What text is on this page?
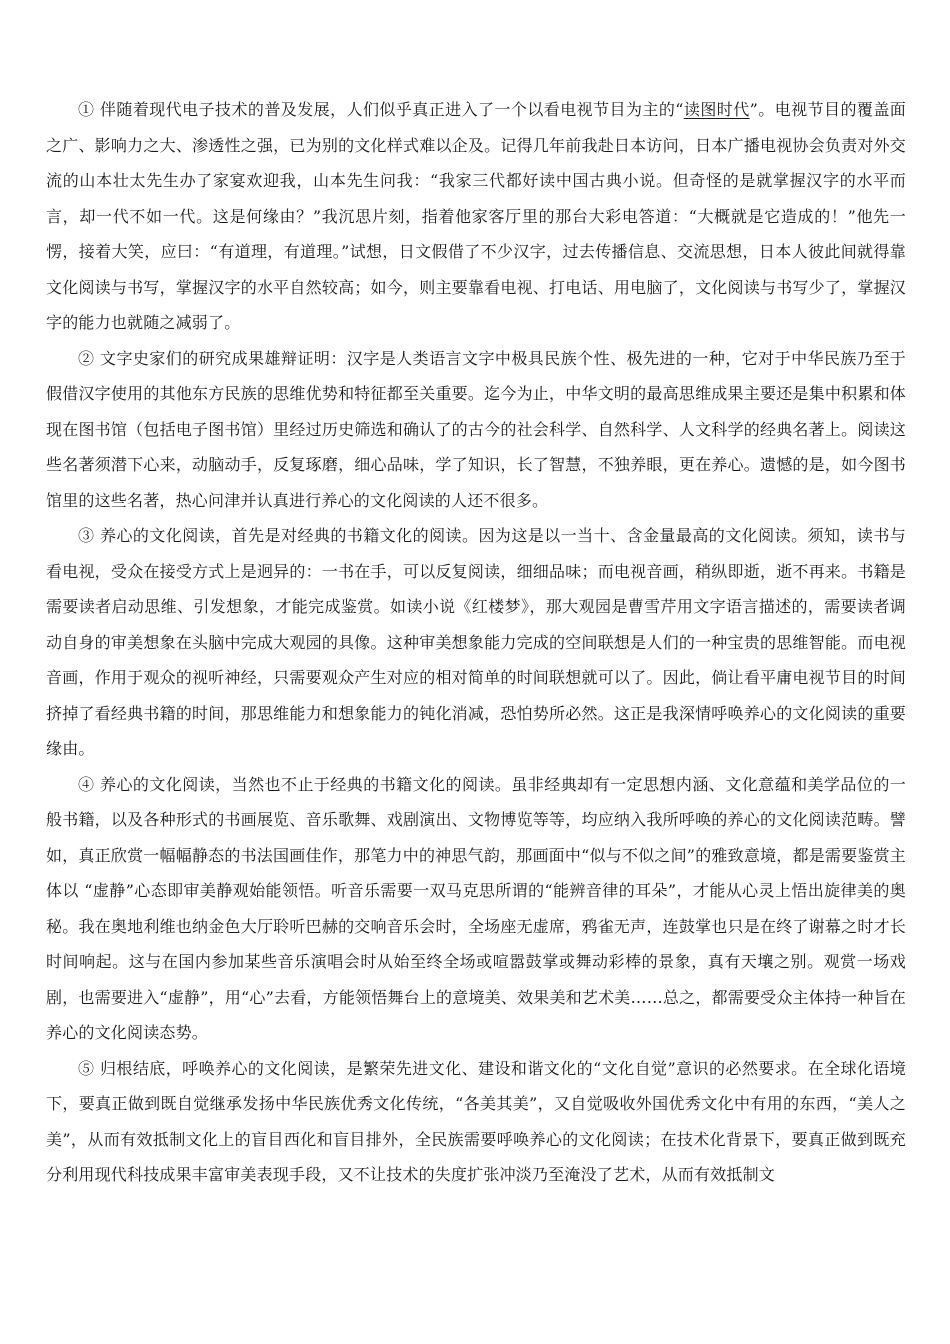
① 伴随着现代电子技术的普及发展，人们似乎真正进入了一个以看电视节目为主的“读图时代”。电视节目的覆盖面之广、影响力之大、渗透性之强，已为别的文化样式难以企及。记得几年前我赴日本访问，日本广播电视协会负责对外交流的山本壮太先生办了家宴欢迎我，山本先生问我：“我家三代都好读中国古典小说。但奇怪的是就掌握汉字的水平而言，却一代不如一代。这是何缘由？”我沉思片刻，指着他家客厅里的那台大彩电答道：“大概就是它造成的！”他先一愣，接着大笑，应曰：“有道理，有道理。”试想，日文假借了不少汉字，过去传播信息、交流思想，日本人彼此间就得靠文化阅读与书写，掌握汉字的水平自然较高；如今，则主要靠看电视、打电话、用电脑了，文化阅读与书写少了，掌握汉字的能力也就随之减弱了。

② 文字史家们的研究成果雄辩证明：汉字是人类语言文字中极具民族个性、极先进的一种，它对于中华民族乃至于假借汉字使用的其他东方民族的思维优势和特征都至关重要。迄今为止，中华文明的最高思维成果主要还是集中积累和体现在图书馆（包括电子图书馆）里经过历史筛选和确认了的古今的社会科学、自然科学、人文科学的经典名著上。阅读这些名著须潜下心来，动脑动手，反复琢磨，细心品味，学了知识，长了智慧，不独养眼，更在养心。遗憾的是，如今图书馆里的这些名著，热心问津并认真进行养心的文化阅读的人还不很多。

③ 养心的文化阅读，首先是对经典的书籍文化的阅读。因为这是以一当十、含金量最高的文化阅读。须知，读书与看电视，受众在接受方式上是迥异的：一书在手，可以反复阅读，细细品味；而电视音画，稍纵即逝，逝不再来。书籍是需要读者启动思维、引发想象，才能完成鉴赏。如读小说《红楼梦》，那大观园是曹雪芹用文字语言描述的，需要读者调动自身的审美想象在头脑中完成大观园的具像。这种审美想象能力完成的空间联想是人们的一种宝贵的思维智能。而电视音画，作用于观众的视听神经，只需要观众产生对应的相对简单的时间联想就可以了。因此，倘让看平庸电视节目的时间挤掉了看经典书籍的时间，那思维能力和想象能力的钝化消减，恐怕势所必然。这正是我深情呼唤养心的文化阅读的重要缘由。

④ 养心的文化阅读，当然也不止于经典的书籍文化的阅读。虽非经典却有一定思想内涵、文化意蕴和美学品位的一般书籍，以及各种形式的书画展览、音乐歌舞、戏剧演出、文物博览等等，均应纳入我所呼唤的养心的文化阅读范畴。譬如，真正欣赏一幅幅静态的书法国画佳作，那笔力中的神思气韵，那画面中“似与不似之间”的雅致意境，都是需要鉴赏主体以 “虚静”心态即审美静观始能领悟。听音乐需要一双马克思所谓的“能辨音律的耳朵”，才能从心灵上悟出旋律美的奥秘。我在奥地利维也纳金色大厅聆听巴赫的交响音乐会时，全场座无虚席，鸦雀无声，连鼓掌也只是在终了谢幕之时才长时间响起。这与在国内参加某些音乐演唱会时从始至终全场或喧嚣鼓掌或舞动彩棒的景象，真有天壤之别。观赏一场戏剧，也需要进入“虚静”，用“心”去看，方能领悟舞台上的意境美、效果美和艺术美……总之，都需要受众主体持一种旨在养心的文化阅读态势。

⑤ 归根结底，呼唤养心的文化阅读，是繁荣先进文化、建设和谐文化的“文化自觉”意识的必然要求。在全球化语境下，要真正做到既自觉继承发扬中华民族优秀文化传统，“各美其美”，又自觉吸收外国优秀文化中有用的东西，“美人之美”，从而有效抵制文化上的盲目西化和盲目排外，全民族需要呼唤养心的文化阅读；在技术化背景下，要真正做到既充分利用现代科技成果丰富审美表现手段，又不让技术的失度扩张冲淡乃至淹没了艺术，从而有效抵制文
